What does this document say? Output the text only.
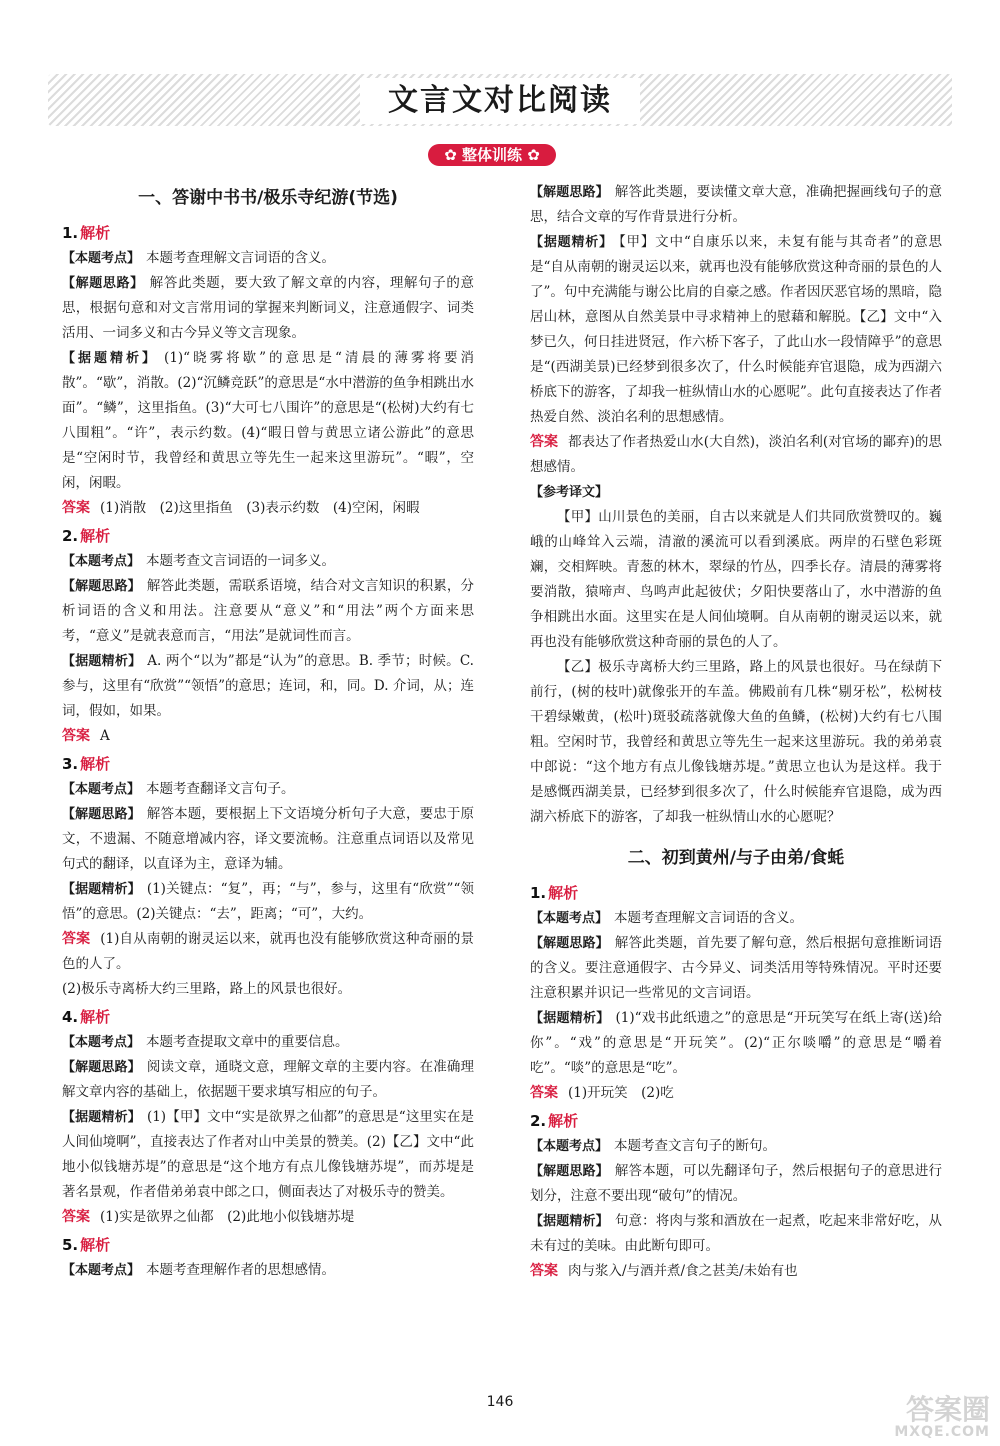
文言文对比阅读
✿ 整体训练 ✿
一、答谢中书书/极乐寺纪游(节选)
1. 解析

【本题考点】 本题考查理解文言词语的含义。

【解题思路】 解答此类题，要大致了解文章的内容，理解句子的意思，根据句意和对文言常用词的掌握来判断词义，注意通假字、词类活用、一词多义和古今异义等文言现象。

【据题精析】 (1)“晓雾将歇”的意思是“清晨的薄雾将要消散”。“歇”，消散。(2)“沉鳞竞跃”的意思是“水中潜游的鱼争相跳出水面”。“鳞”，这里指鱼。(3)“大可七八围许”的意思是“(松树)大约有七八围粗”。“许”，表示约数。(4)“暇日曾与黄思立诸公游此”的意思是“空闲时节，我曾经和黄思立等先生一起来这里游玩”。“暇”，空闲，闲暇。

答案 (1)消散　(2)这里指鱼　(3)表示约数　(4)空闲，闲暇

2. 解析

【本题考点】 本题考查文言词语的一词多义。

【解题思路】 解答此类题，需联系语境，结合对文言知识的积累，分析词语的含义和用法。注意要从“意义”和“用法”两个方面来思考，“意义”是就表意而言，“用法”是就词性而言。

【据题精析】 A. 两个“以为”都是“认为”的意思。B. 季节；时候。C. 参与，这里有“欣赏”“领悟”的意思；连词，和，同。D. 介词，从；连词，假如，如果。

答案 A

3. 解析

【本题考点】 本题考查翻译文言句子。

【解题思路】 解答本题，要根据上下文语境分析句子大意，要忠于原文，不遗漏、不随意增减内容，译文要流畅。注意重点词语以及常见句式的翻译，以直译为主，意译为辅。

【据题精析】 (1)关键点：“复”，再；“与”，参与，这里有“欣赏”“领悟”的意思。(2)关键点：“去”，距离；“可”，大约。

答案 (1)自从南朝的谢灵运以来，就再也没有能够欣赏这种奇丽的景色的人了。

(2)极乐寺离桥大约三里路，路上的风景也很好。

4. 解析

【本题考点】 本题考查提取文章中的重要信息。

【解题思路】 阅读文章，通晓文意，理解文章的主要内容。在准确理解文章内容的基础上，依据题干要求填写相应的句子。

【据题精析】 (1)【甲】文中“实是欲界之仙都”的意思是“这里实在是人间仙境啊”，直接表达了作者对山中美景的赞美。(2)【乙】文中“此地小似钱塘苏堤”的意思是“这个地方有点儿像钱塘苏堤”，而苏堤是著名景观，作者借弟弟袁中郎之口，侧面表达了对极乐寺的赞美。

答案 (1)实是欲界之仙都　(2)此地小似钱塘苏堤

5. 解析

【本题考点】 本题考查理解作者的思想感情。

【解题思路】 解答此类题，要读懂文章大意，准确把握画线句子的意思，结合文章的写作背景进行分析。

【据题精析】 【甲】文中“自康乐以来，未复有能与其奇者”的意思是“自从南朝的谢灵运以来，就再也没有能够欣赏这种奇丽的景色的人了”。句中充满能与谢公比肩的自豪之感。作者因厌恶官场的黑暗，隐居山林，意图从自然美景中寻求精神上的慰藉和解脱。【乙】文中“入梦已久，何日挂进贤冠，作六桥下客子，了此山水一段情障乎”的意思是“(西湖美景)已经梦到很多次了，什么时候能弃官退隐，成为西湖六桥底下的游客，了却我一桩纵情山水的心愿呢”。此句直接表达了作者热爱自然、淡泊名利的思想感情。

答案 都表达了作者热爱山水(大自然)，淡泊名利(对官场的鄙弃)的思想感情。

【参考译文】

【甲】山川景色的美丽，自古以来就是人们共同欣赏赞叹的。巍峨的山峰耸入云端，清澈的溪流可以看到溪底。两岸的石壁色彩斑斓，交相辉映。青葱的林木，翠绿的竹丛，四季长存。清晨的薄雾将要消散，猿啼声、鸟鸣声此起彼伏；夕阳快要落山了，水中潜游的鱼争相跳出水面。这里实在是人间仙境啊。自从南朝的谢灵运以来，就再也没有能够欣赏这种奇丽的景色的人了。

【乙】极乐寺离桥大约三里路，路上的风景也很好。马在绿荫下前行，(树的枝叶)就像张开的车盖。佛殿前有几株“剔牙松”，松树枝干碧绿嫩黄，(松叶)斑驳疏落就像大鱼的鱼鳞，(松树)大约有七八围粗。空闲时节，我曾经和黄思立等先生一起来这里游玩。我的弟弟袁中郎说：“这个地方有点儿像钱塘苏堤。”黄思立也认为是这样。我于是感慨西湖美景，已经梦到很多次了，什么时候能弃官退隐，成为西湖六桥底下的游客，了却我一桩纵情山水的心愿呢？

二、初到黄州/与子由弟/食蚝
1. 解析

【本题考点】 本题考查理解文言词语的含义。

【解题思路】 解答此类题，首先要了解句意，然后根据句意推断词语的含义。要注意通假字、古今异义、词类活用等特殊情况。平时还要注意积累并识记一些常见的文言词语。

【据题精析】 (1)“戏书此纸遗之”的意思是“开玩笑写在纸上寄(送)给你”。“戏”的意思是“开玩笑”。(2)“正尔啖嚼”的意思是“嚼着吃”。“啖”的意思是“吃”。

答案 (1)开玩笑　(2)吃

2. 解析

【本题考点】 本题考查文言句子的断句。

【解题思路】 解答本题，可以先翻译句子，然后根据句子的意思进行划分，注意不要出现“破句”的情况。

【据题精析】 句意：将肉与浆和酒放在一起煮，吃起来非常好吃，从未有过的美味。由此断句即可。

答案 肉与浆入/与酒并煮/食之甚美/未始有也

146	答案圈
MXQE.COM
